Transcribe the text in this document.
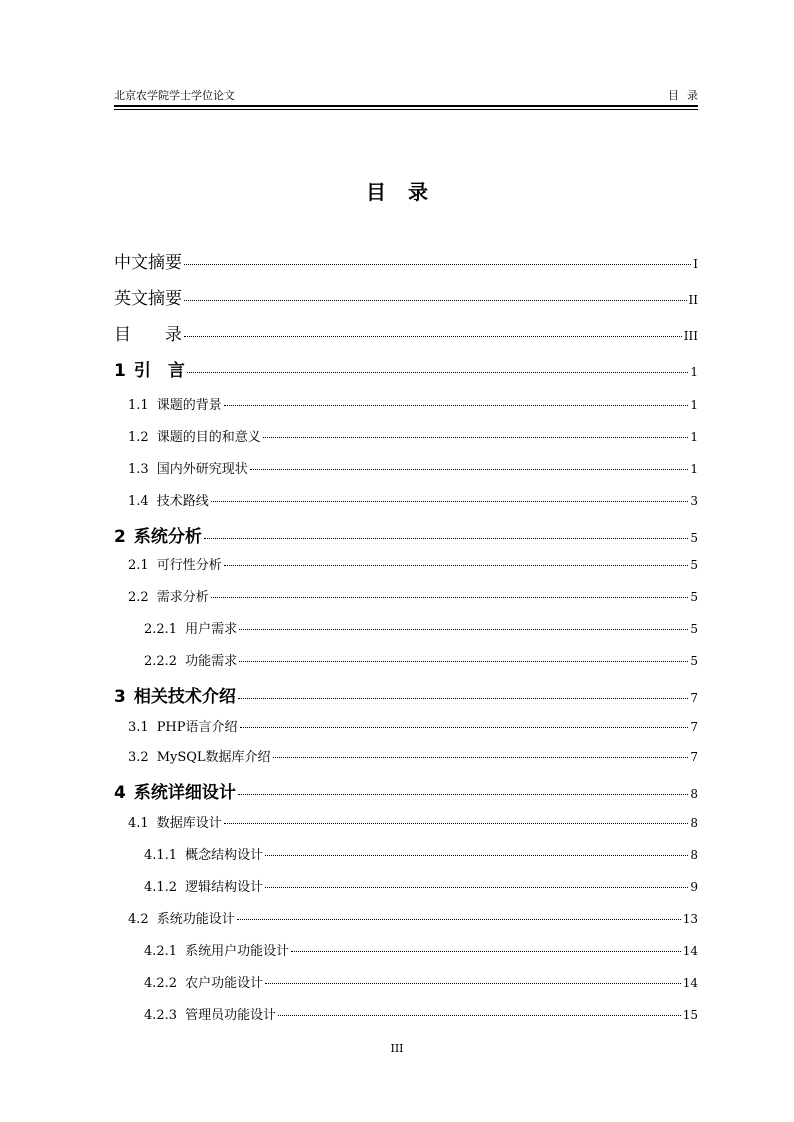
北京农学院学士学位论文	目录
目录
中文摘要	I
英文摘要	II
目　　录	III
1 引　言	1
1.1 课题的背景	1
1.2 课题的目的和意义	1
1.3 国内外研究现状	1
1.4 技术路线	3
2 系统分析	5
2.1 可行性分析	5
2.2 需求分析	5
2.2.1 用户需求	5
2.2.2 功能需求	5
3 相关技术介绍	7
3.1 PHP语言介绍	7
3.2 MySQL数据库介绍	7
4 系统详细设计	8
4.1 数据库设计	8
4.1.1 概念结构设计	8
4.1.2 逻辑结构设计	9
4.2 系统功能设计	13
4.2.1 系统用户功能设计	14
4.2.2 农户功能设计	14
4.2.3 管理员功能设计	15
III
